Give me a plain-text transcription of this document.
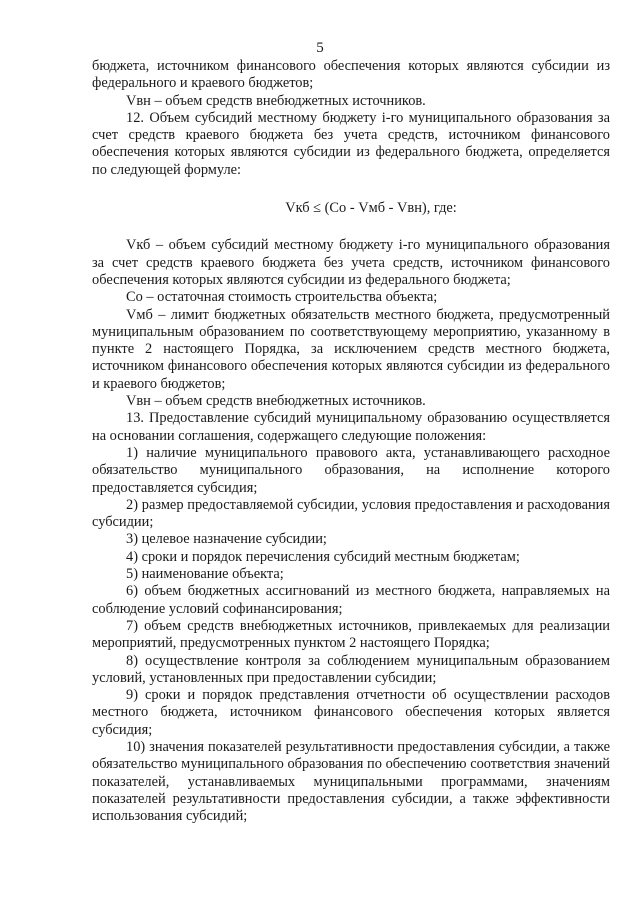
5

бюджета, источником финансового обеспечения которых являются субсидии из федерального и краевого бюджетов;

Vвн – объем средств внебюджетных источников.

12. Объем субсидий местному бюджету i-го муниципального образования за счет средств краевого бюджета без учета средств, источником финансового обеспечения которых являются субсидии из федерального бюджета, определяется по следующей формуле:

Vкб ≤ (Со - Vмб - Vвн), где:

Vкб – объем субсидий местному бюджету i-го муниципального образования за счет средств краевого бюджета без учета средств, источником финансового обеспечения которых являются субсидии из федерального бюджета;

Со – остаточная стоимость строительства объекта;

Vмб – лимит бюджетных обязательств местного бюджета, предусмотренный муниципальным образованием по соответствующему мероприятию, указанному в пункте 2 настоящего Порядка, за исключением средств местного бюджета, источником финансового обеспечения которых являются субсидии из федерального и краевого бюджетов;

Vвн – объем средств внебюджетных источников.

13. Предоставление субсидий муниципальному образованию осуществляется на основании соглашения, содержащего следующие положения:

1) наличие муниципального правового акта, устанавливающего расходное обязательство муниципального образования, на исполнение которого предоставляется субсидия;

2) размер предоставляемой субсидии, условия предоставления и расходования субсидии;

3) целевое назначение субсидии;

4) сроки и порядок перечисления субсидий местным бюджетам;

5) наименование объекта;

6) объем бюджетных ассигнований из местного бюджета, направляемых на соблюдение условий софинансирования;

7) объем средств внебюджетных источников, привлекаемых для реализации мероприятий, предусмотренных пунктом 2 настоящего Порядка;

8) осуществление контроля за соблюдением муниципальным образованием условий, установленных при предоставлении субсидии;

9) сроки и порядок представления отчетности об осуществлении расходов местного бюджета, источником финансового обеспечения которых является субсидия;

10) значения показателей результативности предоставления субсидии, а также обязательство муниципального образования по обеспечению соответствия значений показателей, устанавливаемых муниципальными программами, значениям показателей результативности предоставления субсидии, а также эффективности использования субсидий;
